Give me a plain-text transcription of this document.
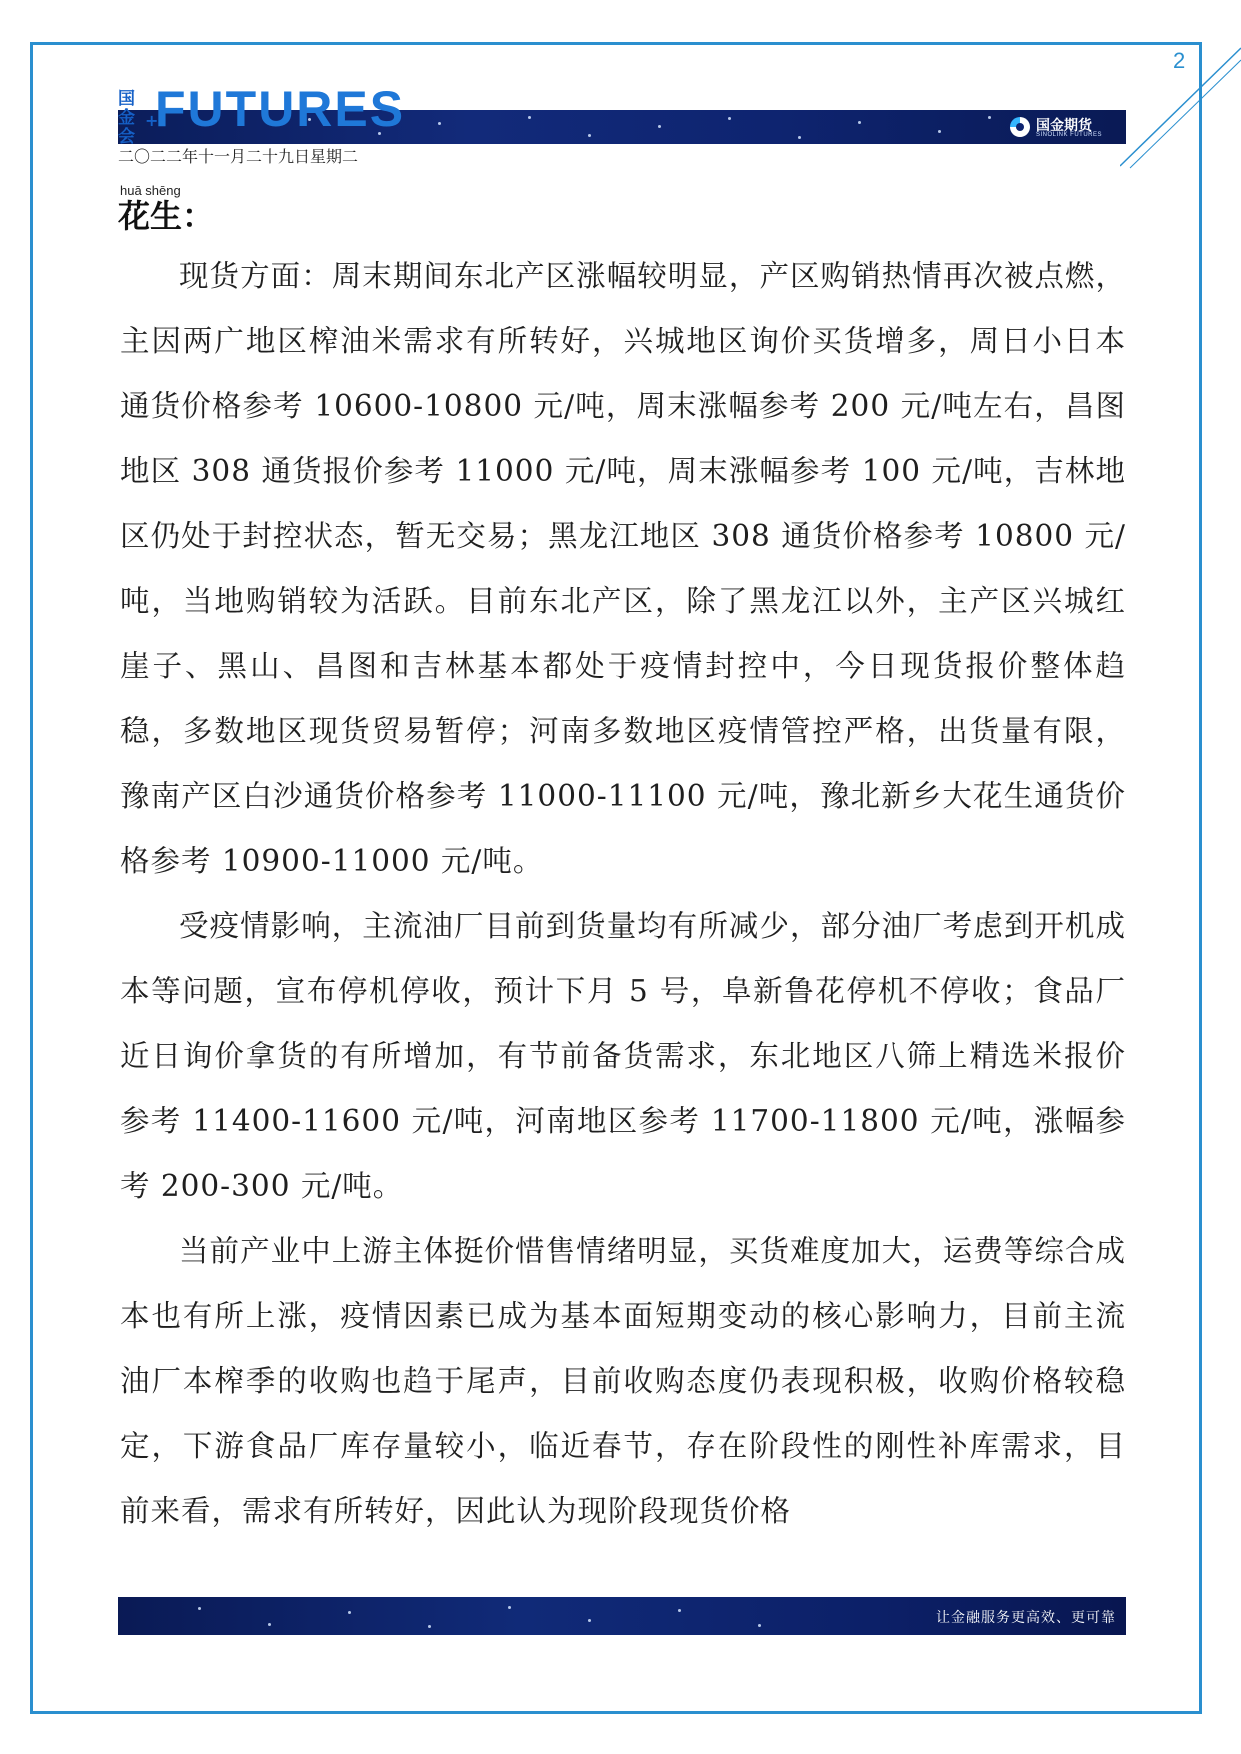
2
国金会
+
FUTURES	国金期货
SINOLINK FUTURES
二〇二二年十一月二十九日星期二
huā shēng
花生：

现货方面：周末期间东北产区涨幅较明显，产区购销热情再次被点燃，主因两广地区榨油米需求有所转好，兴城地区询价买货增多，周日小日本通货价格参考 10600-10800 元/吨，周末涨幅参考 200 元/吨左右，昌图地区 308 通货报价参考 11000 元/吨，周末涨幅参考 100 元/吨，吉林地区仍处于封控状态，暂无交易；黑龙江地区 308 通货价格参考 10800 元/吨，当地购销较为活跃。目前东北产区，除了黑龙江以外，主产区兴城红崖子、黑山、昌图和吉林基本都处于疫情封控中，今日现货报价整体趋稳，多数地区现货贸易暂停；河南多数地区疫情管控严格，出货量有限，豫南产区白沙通货价格参考 11000-11100 元/吨，豫北新乡大花生通货价格参考 10900-11000 元/吨。

受疫情影响，主流油厂目前到货量均有所减少，部分油厂考虑到开机成本等问题，宣布停机停收，预计下月 5 号，阜新鲁花停机不停收；食品厂近日询价拿货的有所增加，有节前备货需求，东北地区八筛上精选米报价参考 11400-11600 元/吨，河南地区参考 11700-11800 元/吨，涨幅参考 200-300 元/吨。

当前产业中上游主体挺价惜售情绪明显，买货难度加大，运费等综合成本也有所上涨，疫情因素已成为基本面短期变动的核心影响力，目前主流油厂本榨季的收购也趋于尾声，目前收购态度仍表现积极，收购价格较稳定，下游食品厂库存量较小，临近春节，存在阶段性的刚性补库需求，目前来看，需求有所转好，因此认为现阶段现货价格

让金融服务更高效、更可靠
